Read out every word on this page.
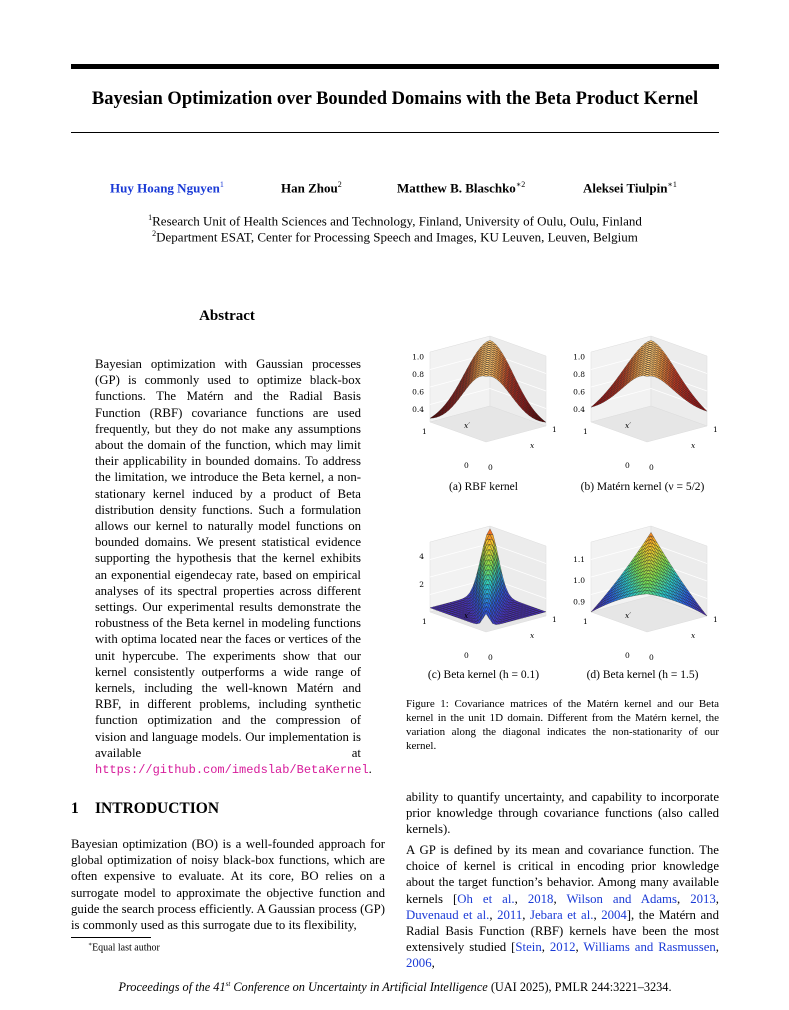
Bayesian Optimization over Bounded Domains with the Beta Product Kernel
Huy Hoang Nguyen$^1$	Han Zhou$^2$	Matthew B. Blaschko$^{∗2}$	Aleksei Tiulpin$^{∗1}$
$^1$Research Unit of Health Sciences and Technology, Finland, University of Oulu, Oulu, Finland
$^2$Department ESAT, Center for Processing Speech and Images, KU Leuven, Leuven, Belgium
Abstract
Bayesian optimization with Gaussian processes (GP) is commonly used to optimize black-box functions. The Matérn and the Radial Basis Function (RBF) covariance functions are used frequently, but they do not make any assumptions about the domain of the function, which may limit their applicability in bounded domains. To address the limitation, we introduce the Beta kernel, a non-stationary kernel induced by a product of Beta distribution density functions. Such a formulation allows our kernel to naturally model functions on bounded domains. We present statistical evidence supporting the hypothesis that the kernel exhibits an exponential eigendecay rate, based on empirical analyses of its spectral properties across different settings. Our experimental results demonstrate the robustness of the Beta kernel in modeling functions with optima located near the faces or vertices of the unit hypercube. The experiments show that our kernel consistently outperforms a wide range of kernels, including the well-known Matérn and RBF, in different problems, including synthetic function optimization and the compression of vision and language models. Our implementation is available at https://github.com/imedslab/BetaKernel.
1.0
0.8
0.6
0.4
1
0
x′
0
1
x
1.0
0.8
0.6
0.4
1
0
x′
0
1
x
4
2
1
0
x′
0
1
x
1.1
1.0
0.9
1
0
x′
0
1
x
(a) RBF kernel	(b) Matérn kernel (ν = 5/2)
(c) Beta kernel (h = 0.1)	(d) Beta kernel (h = 1.5)
Figure 1: Covariance matrices of the Matérn kernel and our Beta kernel in the unit 1D domain. Different from the Matérn kernel, the variation along the diagonal indicates the non-stationarity of our kernel.
1 INTRODUCTION
Bayesian optimization (BO) is a well-founded approach for global optimization of noisy black-box functions, which are often expensive to evaluate. At its core, BO relies on a surrogate model to approximate the objective function and guide the search process efficiently. A Gaussian process (GP) is commonly used as this surrogate due to its flexibility,
∗Equal last author
ability to quantify uncertainty, and capability to incorporate prior knowledge through covariance functions (also called kernels).
A GP is defined by its mean and covariance function. The choice of kernel is critical in encoding prior knowledge about the target function’s behavior. Among many available kernels [Oh et al., 2018, Wilson and Adams, 2013, Duvenaud et al., 2011, Jebara et al., 2004], the Matérn and Radial Basis Function (RBF) kernels have been the most extensively studied [Stein, 2012, Williams and Rasmussen, 2006,
Proceedings of the 41st Conference on Uncertainty in Artificial Intelligence (UAI 2025), PMLR 244:3221–3234.
